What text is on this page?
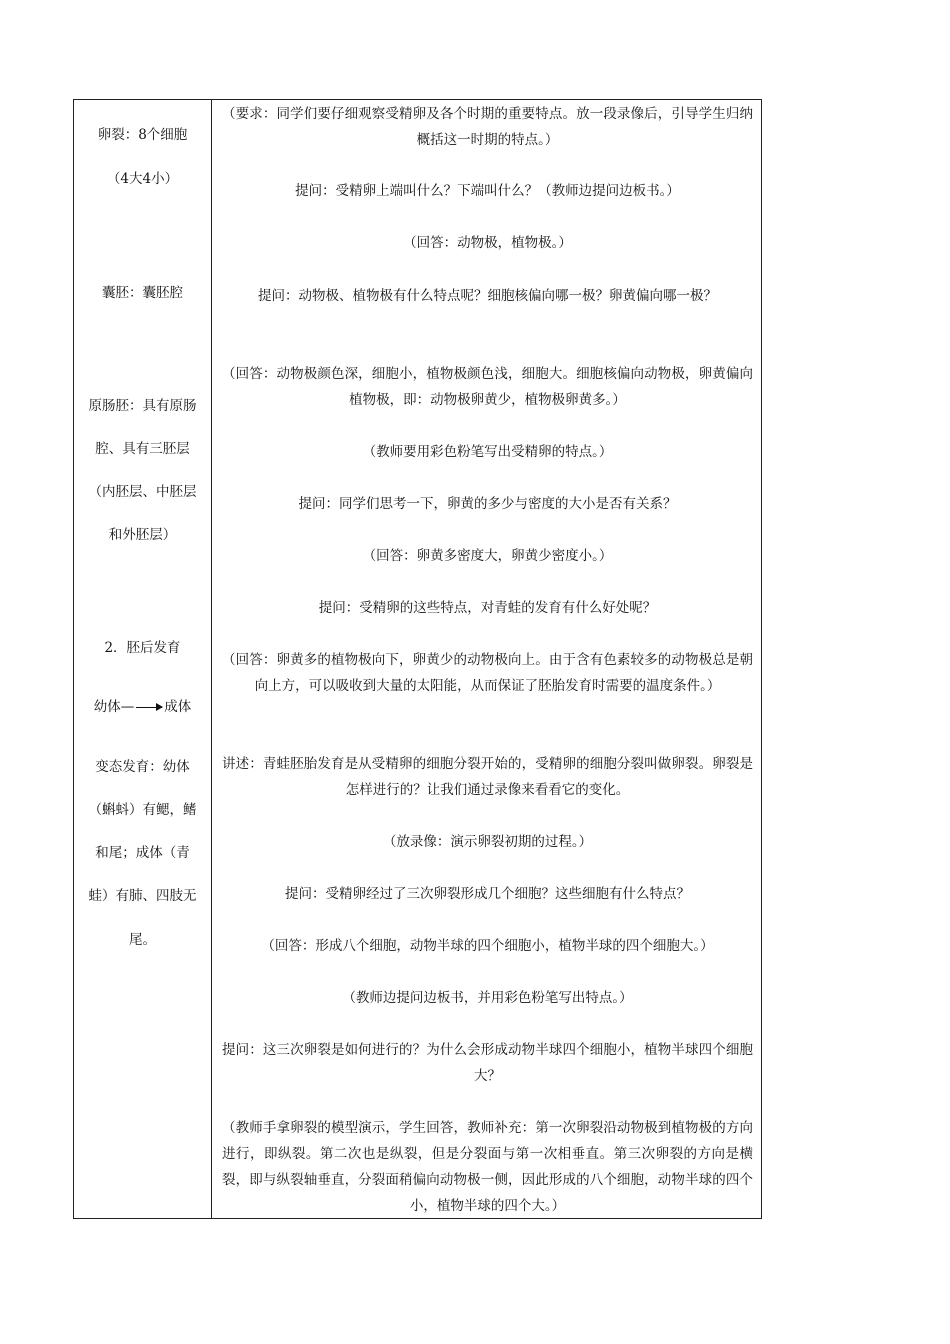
卵裂：8个细胞
（4大4小）
囊胚：囊胚腔
原肠胚：具有原肠
腔、具有三胚层
（内胚层、中胚层
和外胚层）
2．胚后发育
幼体— 成体
变态发育：幼体
（蝌蚪）有鳃，鳍
和尾；成体（青
蛙）有肺、四肢无
尾。
（要求：同学们要仔细观察受精卵及各个时期的重要特点。放一段录像后，引导学生归纳概括这一时期的特点。）
提问：受精卵上端叫什么？下端叫什么？（教师边提问边板书。）
（回答：动物极，植物极。）
提问：动物极、植物极有什么特点呢？细胞核偏向哪一极？卵黄偏向哪一极？
（回答：动物极颜色深，细胞小，植物极颜色浅，细胞大。细胞核偏向动物极，卵黄偏向植物极，即：动物极卵黄少，植物极卵黄多。）
（教师要用彩色粉笔写出受精卵的特点。）
提问：同学们思考一下，卵黄的多少与密度的大小是否有关系？
（回答：卵黄多密度大，卵黄少密度小。）
提问：受精卵的这些特点，对青蛙的发育有什么好处呢？
（回答：卵黄多的植物极向下，卵黄少的动物极向上。由于含有色素较多的动物极总是朝向上方，可以吸收到大量的太阳能，从而保证了胚胎发育时需要的温度条件。）
讲述：青蛙胚胎发育是从受精卵的细胞分裂开始的，受精卵的细胞分裂叫做卵裂。卵裂是怎样进行的？让我们通过录像来看看它的变化。
（放录像：演示卵裂初期的过程。）
提问：受精卵经过了三次卵裂形成几个细胞？这些细胞有什么特点？
（回答：形成八个细胞，动物半球的四个细胞小，植物半球的四个细胞大。）
（教师边提问边板书，并用彩色粉笔写出特点。）
提问：这三次卵裂是如何进行的？为什么会形成动物半球四个细胞小，植物半球四个细胞大？
（教师手拿卵裂的模型演示，学生回答，教师补充：第一次卵裂沿动物极到植物极的方向进行，即纵裂。第二次也是纵裂，但是分裂面与第一次相垂直。第三次卵裂的方向是横裂，即与纵裂轴垂直，分裂面稍偏向动物极一侧，因此形成的八个细胞，动物半球的四个小，植物半球的四个大。）
